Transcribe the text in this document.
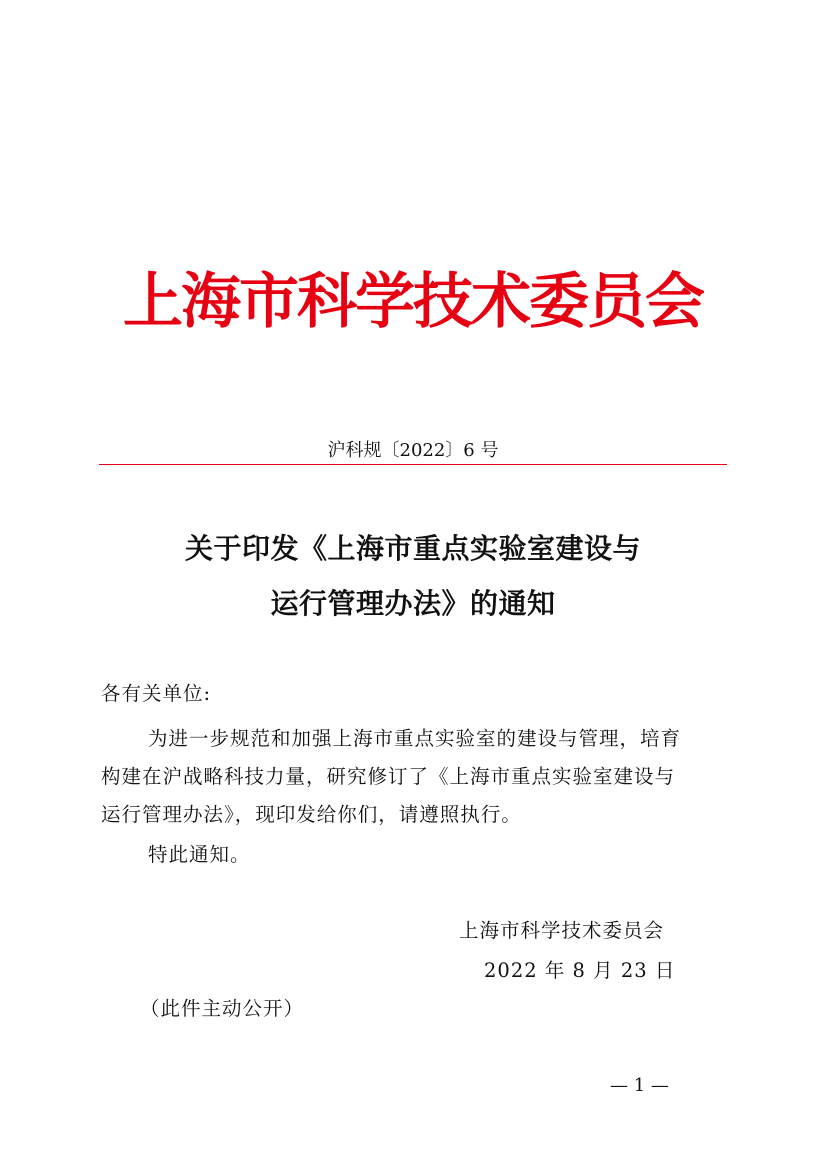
上海市科学技术委员会
沪科规〔2022〕6 号
关于印发《上海市重点实验室建设与
运行管理办法》的通知
各有关单位:
为进一步规范和加强上海市重点实验室的建设与管理，培育
构建在沪战略科技力量，研究修订了《上海市重点实验室建设与
运行管理办法》，现印发给你们，请遵照执行。
特此通知。
上海市科学技术委员会
2022 年 8 月 23 日
（此件主动公开）
— 1 —
